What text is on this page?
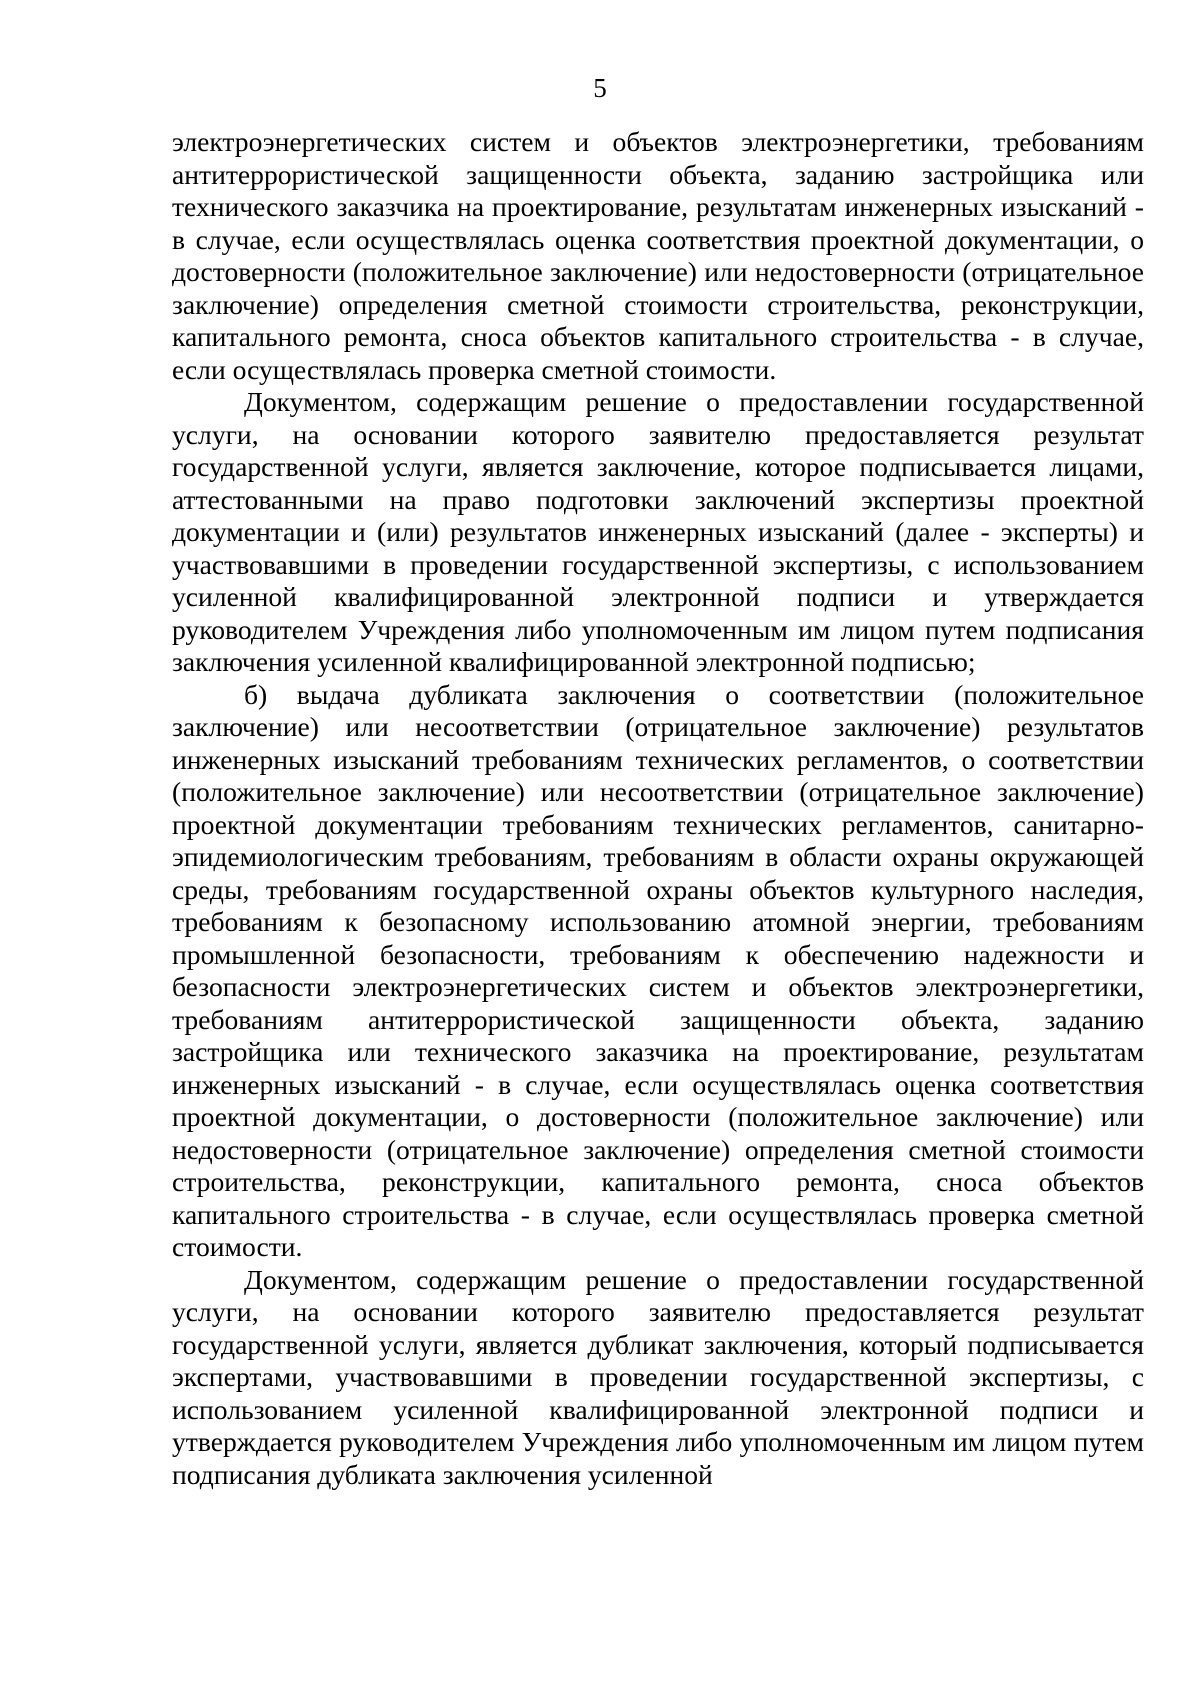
5

электроэнергетических систем и объектов электроэнергетики, требованиям антитеррористической защищенности объекта, заданию застройщика или технического заказчика на проектирование, результатам инженерных изысканий - в случае, если осуществлялась оценка соответствия проектной документации, о достоверности (положительное заключение) или недостоверности (отрицательное заключение) определения сметной стоимости строительства, реконструкции, капитального ремонта, сноса объектов капитального строительства - в случае, если осуществлялась проверка сметной стоимости.

Документом, содержащим решение о предоставлении государственной услуги, на основании которого заявителю предоставляется результат государственной услуги, является заключение, которое подписывается лицами, аттестованными на право подготовки заключений экспертизы проектной документации и (или) результатов инженерных изысканий (далее - эксперты) и участвовавшими в проведении государственной экспертизы, с использованием усиленной квалифицированной электронной подписи и утверждается руководителем Учреждения либо уполномоченным им лицом путем подписания заключения усиленной квалифицированной электронной подписью;

б) выдача дубликата заключения о соответствии (положительное заключение) или несоответствии (отрицательное заключение) результатов инженерных изысканий требованиям технических регламентов, о соответствии (положительное заключение) или несоответствии (отрицательное заключение) проектной документации требованиям технических регламентов, санитарно-эпидемиологическим требованиям, требованиям в области охраны окружающей среды, требованиям государственной охраны объектов культурного наследия, требованиям к безопасному использованию атомной энергии, требованиям промышленной безопасности, требованиям к обеспечению надежности и безопасности электроэнергетических систем и объектов электроэнергетики, требованиям антитеррористической защищенности объекта, заданию застройщика или технического заказчика на проектирование, результатам инженерных изысканий - в случае, если осуществлялась оценка соответствия проектной документации, о достоверности (положительное заключение) или недостоверности (отрицательное заключение) определения сметной стоимости строительства, реконструкции, капитального ремонта, сноса объектов капитального строительства - в случае, если осуществлялась проверка сметной стоимости.

Документом, содержащим решение о предоставлении государственной услуги, на основании которого заявителю предоставляется результат государственной услуги, является дубликат заключения, который подписывается экспертами, участвовавшими в проведении государственной экспертизы, с использованием усиленной квалифицированной электронной подписи и утверждается руководителем Учреждения либо уполномоченным им лицом путем подписания дубликата заключения усиленной
